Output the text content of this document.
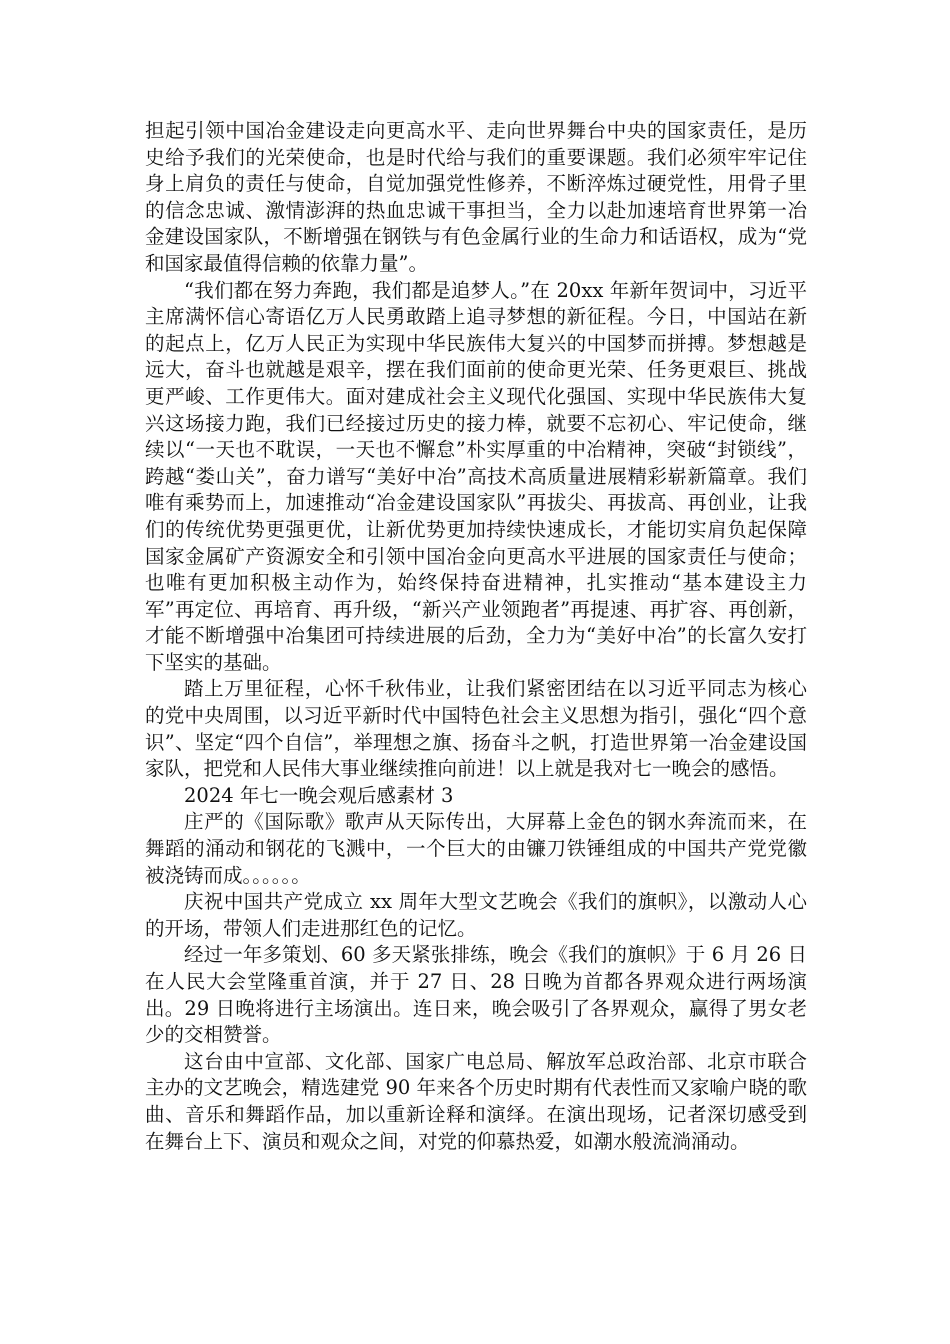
担起引领中国冶金建设走向更高水平、走向世界舞台中央的国家责任，是历史给予我们的光荣使命，也是时代给与我们的重要课题。我们必须牢牢记住身上肩负的责任与使命，自觉加强党性修养，不断淬炼过硬党性，用骨子里的信念忠诚、激情澎湃的热血忠诚干事担当，全力以赴加速培育世界第一冶金建设国家队，不断增强在钢铁与有色金属行业的生命力和话语权，成为“党和国家最值得信赖的依靠力量”。

“我们都在努力奔跑，我们都是追梦人。”在 20xx 年新年贺词中，习近平主席满怀信心寄语亿万人民勇敢踏上追寻梦想的新征程。今日，中国站在新的起点上，亿万人民正为实现中华民族伟大复兴的中国梦而拼搏。梦想越是远大，奋斗也就越是艰辛，摆在我们面前的使命更光荣、任务更艰巨、挑战更严峻、工作更伟大。面对建成社会主义现代化强国、实现中华民族伟大复兴这场接力跑，我们已经接过历史的接力棒，就要不忘初心、牢记使命，继续以“一天也不耽误，一天也不懈怠”朴实厚重的中冶精神，突破“封锁线”，跨越“娄山关”，奋力谱写“美好中冶”高技术高质量进展精彩崭新篇章。我们唯有乘势而上，加速推动“冶金建设国家队”再拔尖、再拔高、再创业，让我们的传统优势更强更优，让新优势更加持续快速成长，才能切实肩负起保障国家金属矿产资源安全和引领中国冶金向更高水平进展的国家责任与使命；也唯有更加积极主动作为，始终保持奋进精神，扎实推动“基本建设主力军”再定位、再培育、再升级，“新兴产业领跑者”再提速、再扩容、再创新，才能不断增强中冶集团可持续进展的后劲，全力为“美好中冶”的长富久安打下坚实的基础。

踏上万里征程，心怀千秋伟业，让我们紧密团结在以习近平同志为核心的党中央周围，以习近平新时代中国特色社会主义思想为指引，强化“四个意识”、坚定“四个自信”，举理想之旗、扬奋斗之帆，打造世界第一冶金建设国家队，把党和人民伟大事业继续推向前进！以上就是我对七一晚会的感悟。

2024 年七一晚会观后感素材 3

庄严的《国际歌》歌声从天际传出，大屏幕上金色的钢水奔流而来，在舞蹈的涌动和钢花的飞溅中，一个巨大的由镰刀铁锤组成的中国共产党党徽被浇铸而成。。。。。。

庆祝中国共产党成立 xx 周年大型文艺晚会《我们的旗帜》，以激动人心的开场，带领人们走进那红色的记忆。

经过一年多策划、60 多天紧张排练，晚会《我们的旗帜》于 6 月 26 日在人民大会堂隆重首演，并于 27 日、28 日晚为首都各界观众进行两场演出。29 日晚将进行主场演出。连日来，晚会吸引了各界观众，赢得了男女老少的交相赞誉。

这台由中宣部、文化部、国家广电总局、解放军总政治部、北京市联合主办的文艺晚会，精选建党 90 年来各个历史时期有代表性而又家喻户晓的歌曲、音乐和舞蹈作品，加以重新诠释和演绎。在演出现场，记者深切感受到在舞台上下、演员和观众之间，对党的仰慕热爱，如潮水般流淌涌动。
